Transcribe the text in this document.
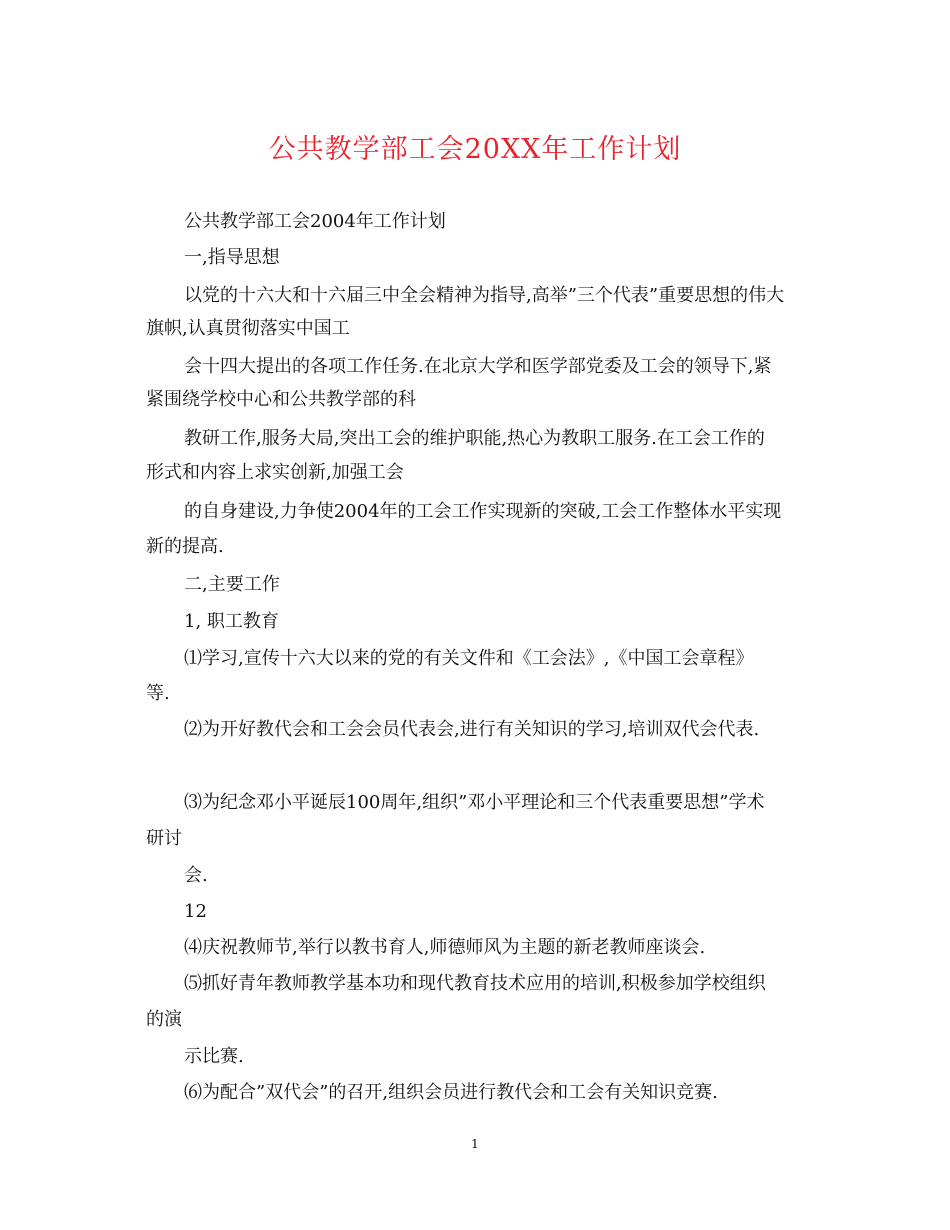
公共教学部工会20XX年工作计划
公共教学部工会2004年工作计划
一,指导思想
以党的十六大和十六届三中全会精神为指导,高举”三个代表”重要思想的伟大
旗帜,认真贯彻落实中国工
会十四大提出的各项工作任务.在北京大学和医学部党委及工会的领导下,紧
紧围绕学校中心和公共教学部的科
教研工作,服务大局,突出工会的维护职能,热心为教职工服务.在工会工作的
形式和内容上求实创新,加强工会
的自身建设,力争使2004年的工会工作实现新的突破,工会工作整体水平实现
新的提高.
二,主要工作
1, 职工教育
⑴学习,宣传十六大以来的党的有关文件和《工会法》,《中国工会章程》
等.
⑵为开好教代会和工会会员代表会,进行有关知识的学习,培训双代会代表.
⑶为纪念邓小平诞辰100周年,组织”邓小平理论和三个代表重要思想”学术
研讨
会.
12
⑷庆祝教师节,举行以教书育人,师德师风为主题的新老教师座谈会.
⑸抓好青年教师教学基本功和现代教育技术应用的培训,积极参加学校组织
的演
示比赛.
⑹为配合”双代会”的召开,组织会员进行教代会和工会有关知识竞赛.
1
